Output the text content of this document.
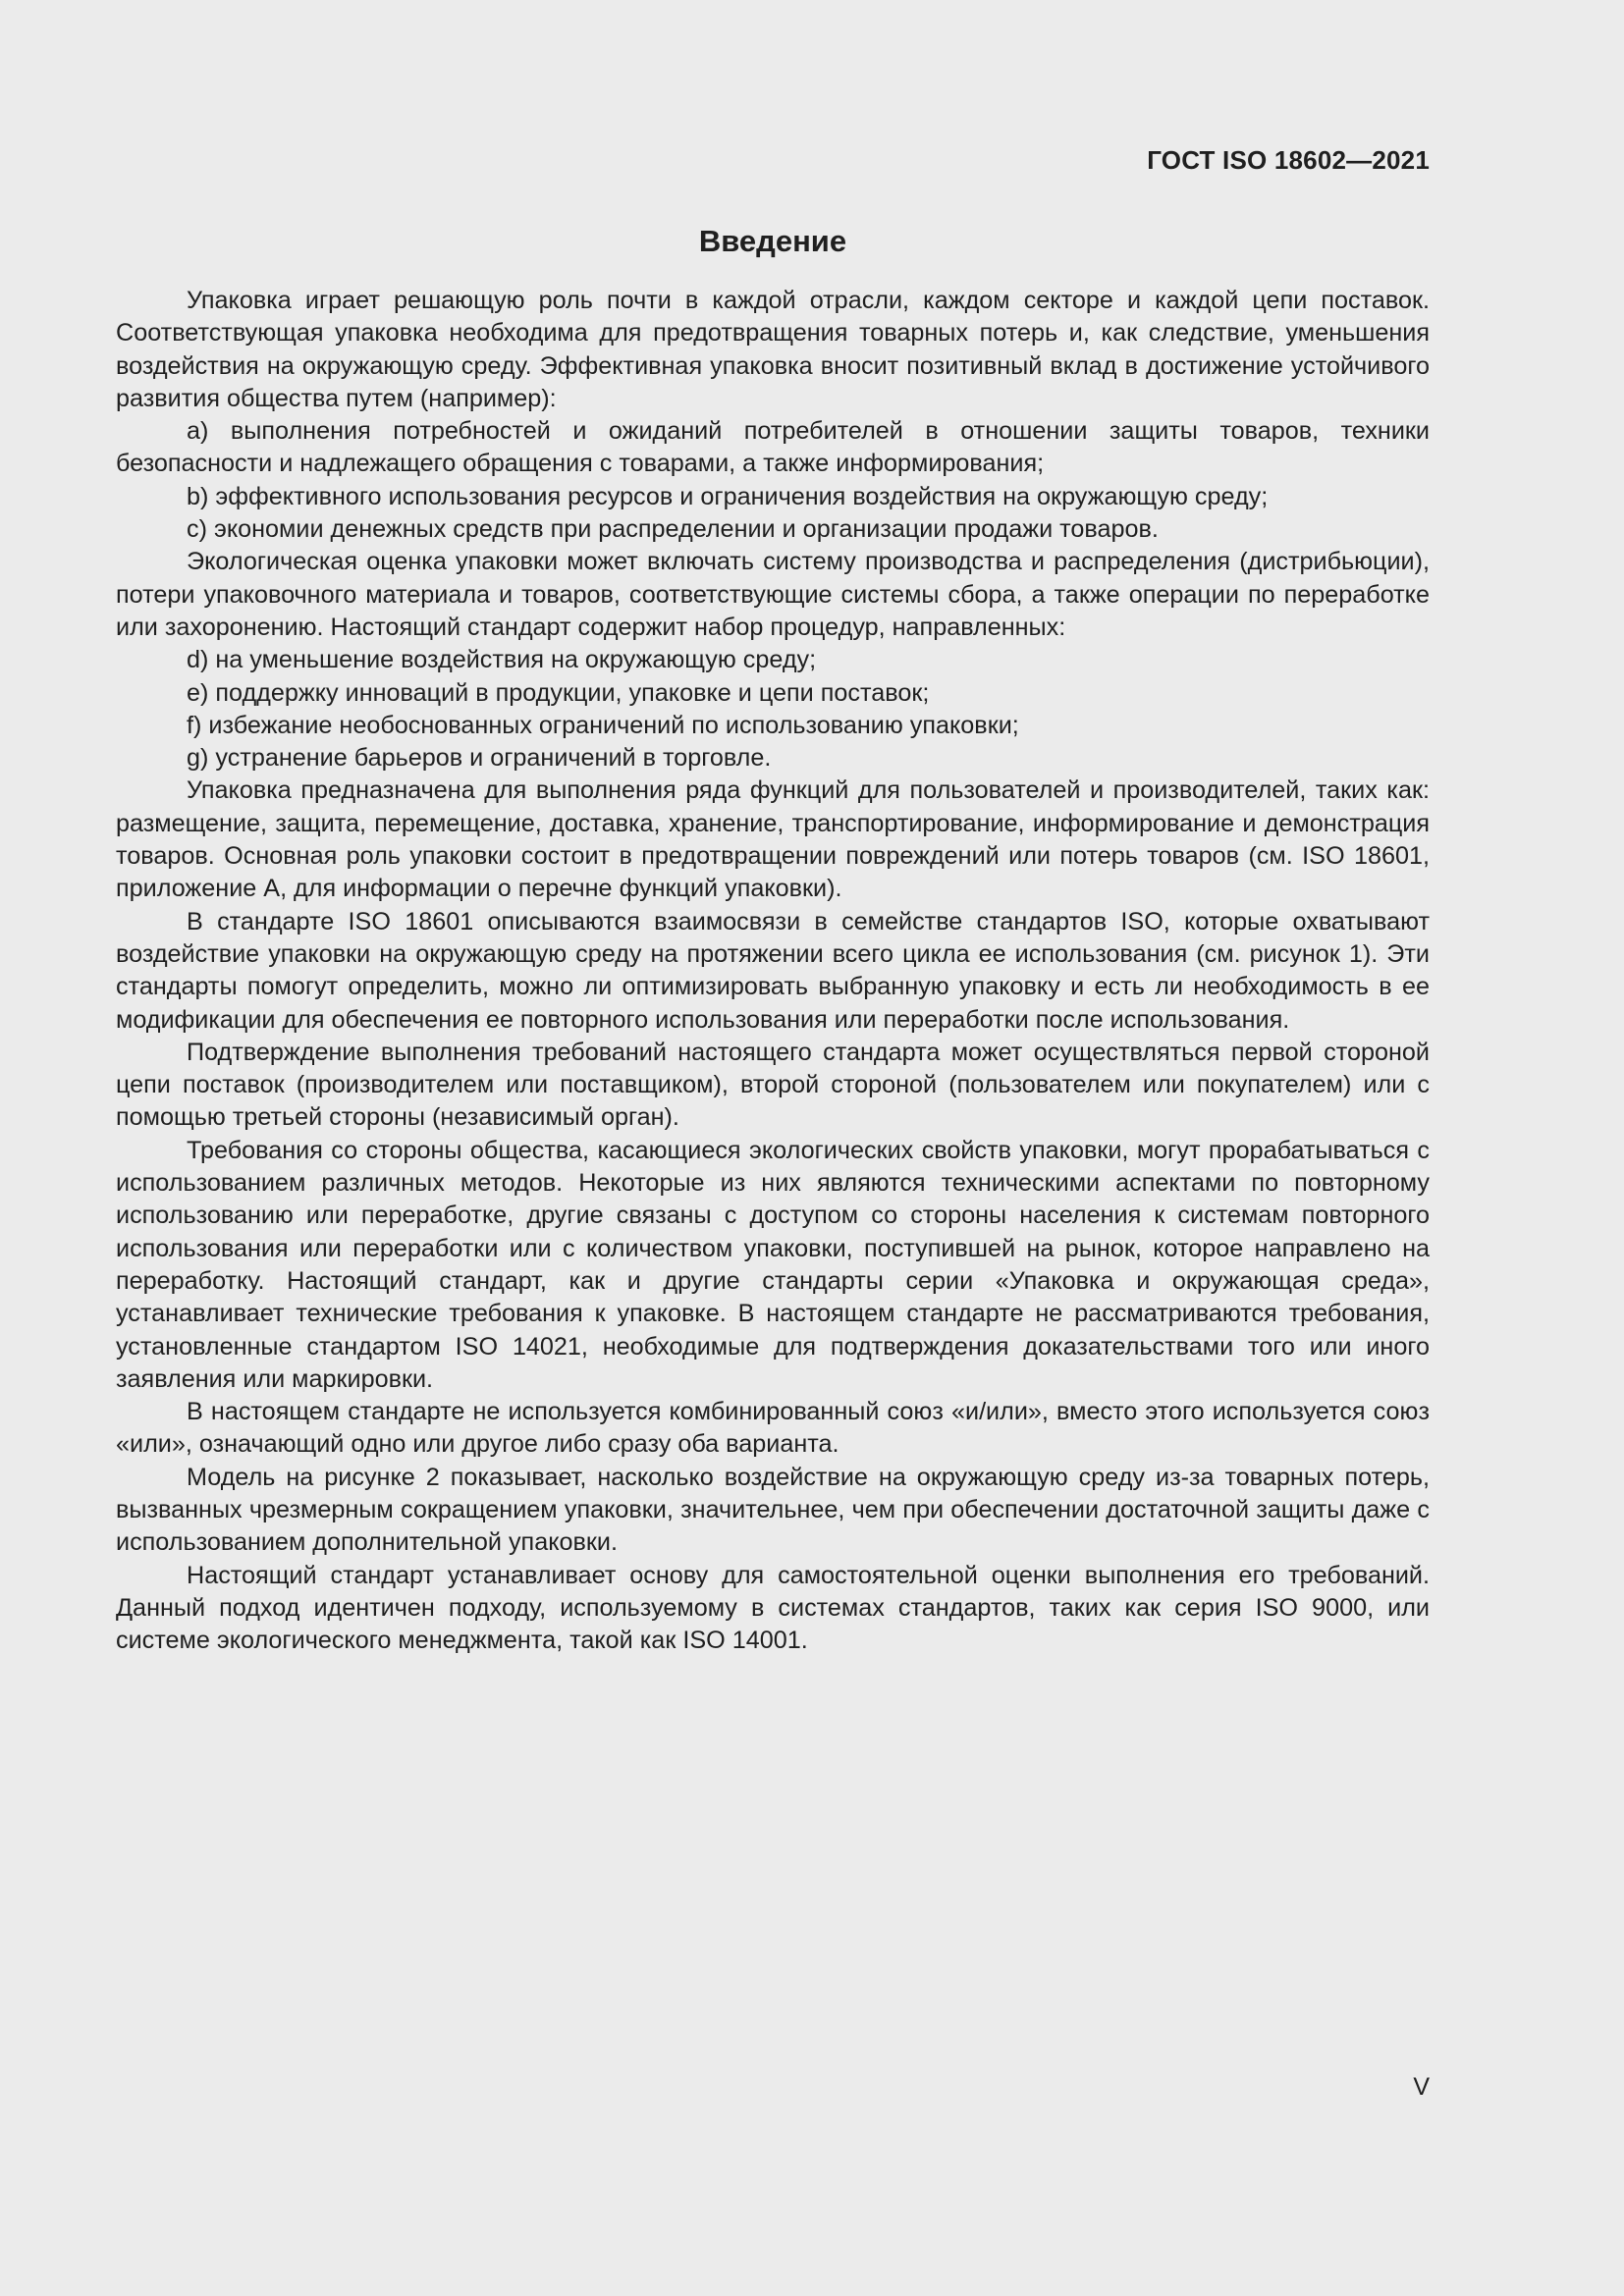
ГОСТ ISO 18602—2021
Введение

Упаковка играет решающую роль почти в каждой отрасли, каждом секторе и каждой цепи поставок. Соответствующая упаковка необходима для предотвращения товарных потерь и, как следствие, уменьшения воздействия на окружающую среду. Эффективная упаковка вносит позитивный вклад в достижение устойчивого развития общества путем (например):

a) выполнения потребностей и ожиданий потребителей в отношении защиты товаров, техники безопасности и надлежащего обращения с товарами, а также информирования;

b) эффективного использования ресурсов и ограничения воздействия на окружающую среду;

c) экономии денежных средств при распределении и организации продажи товаров.

Экологическая оценка упаковки может включать систему производства и распределения (дистрибьюции), потери упаковочного материала и товаров, соответствующие системы сбора, а также операции по переработке или захоронению. Настоящий стандарт содержит набор процедур, направленных:

d) на уменьшение воздействия на окружающую среду;

e) поддержку инноваций в продукции, упаковке и цепи поставок;

f) избежание необоснованных ограничений по использованию упаковки;

g) устранение барьеров и ограничений в торговле.

Упаковка предназначена для выполнения ряда функций для пользователей и производителей, таких как: размещение, защита, перемещение, доставка, хранение, транспортирование, информирование и демонстрация товаров. Основная роль упаковки состоит в предотвращении повреждений или потерь товаров (см. ISO 18601, приложение A, для информации о перечне функций упаковки).

В стандарте ISO 18601 описываются взаимосвязи в семействе стандартов ISO, которые охватывают воздействие упаковки на окружающую среду на протяжении всего цикла ее использования (см. рисунок 1). Эти стандарты помогут определить, можно ли оптимизировать выбранную упаковку и есть ли необходимость в ее модификации для обеспечения ее повторного использования или переработки после использования.

Подтверждение выполнения требований настоящего стандарта может осуществляться первой стороной цепи поставок (производителем или поставщиком), второй стороной (пользователем или покупателем) или с помощью третьей стороны (независимый орган).

Требования со стороны общества, касающиеся экологических свойств упаковки, могут прорабатываться с использованием различных методов. Некоторые из них являются техническими аспектами по повторному использованию или переработке, другие связаны с доступом со стороны населения к системам повторного использования или переработки или с количеством упаковки, поступившей на рынок, которое направлено на переработку. Настоящий стандарт, как и другие стандарты серии «Упаковка и окружающая среда», устанавливает технические требования к упаковке. В настоящем стандарте не рассматриваются требования, установленные стандартом ISO 14021, необходимые для подтверждения доказательствами того или иного заявления или маркировки.

В настоящем стандарте не используется комбинированный союз «и/или», вместо этого используется союз «или», означающий одно или другое либо сразу оба варианта.

Модель на рисунке 2 показывает, насколько воздействие на окружающую среду из-за товарных потерь, вызванных чрезмерным сокращением упаковки, значительнее, чем при обеспечении достаточной защиты даже с использованием дополнительной упаковки.

Настоящий стандарт устанавливает основу для самостоятельной оценки выполнения его требований. Данный подход идентичен подходу, используемому в системах стандартов, таких как серия ISO 9000, или системе экологического менеджмента, такой как ISO 14001.

V
